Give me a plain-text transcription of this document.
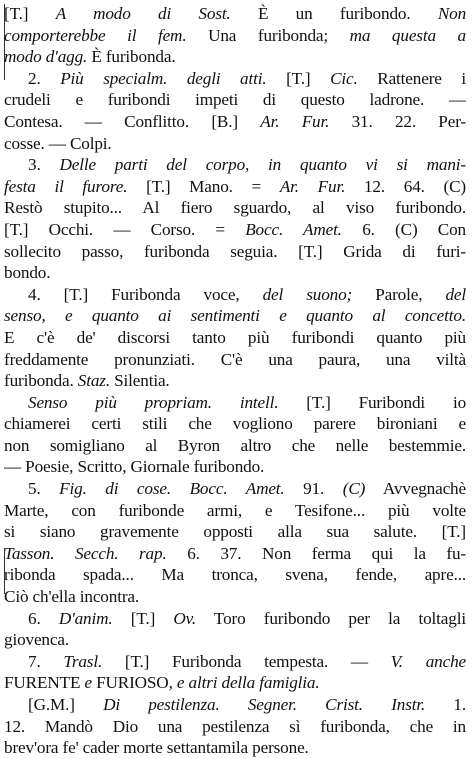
[T.] A modo di Sost. È un furibondo. Non
comporterebbe il fem. Una furibonda; ma questa a
modo d'agg. È furibonda.
2. Più specialm. degli atti. [T.] Cic. Rattenere i
crudeli e furibondi impeti di questo ladrone. —
Contesa. — Conflitto. [B.] Ar. Fur. 31. 22. Per-
cosse. — Colpi.
3. Delle parti del corpo, in quanto vi si mani-
festa il furore. [T.] Mano. = Ar. Fur. 12. 64. (C)
Restò stupito... Al fiero sguardo, al viso furibondo.
[T.] Occhi. — Corso. = Bocc. Amet. 6. (C) Con
sollecito passo, furibonda seguia. [T.] Grida di furi-
bondo.
4. [T.] Furibonda voce, del suono; Parole, del
senso, e quanto ai sentimenti e quanto al concetto.
E c'è de' discorsi tanto più furibondi quanto più
freddamente pronunziati. C'è una paura, una viltà
furibonda. Staz. Silentia.
Senso più propriam. intell. [T.] Furibondi io
chiamerei certi stili che vogliono parere bironiani e
non somigliano al Byron altro che nelle bestemmie.
— Poesie, Scritto, Giornale furibondo.
5. Fig. di cose. Bocc. Amet. 91. (C) Avvegnachè
Marte, con furibonde armi, e Tesifone... più volte
si siano gravemente opposti alla sua salute. [T.]
Tasson. Secch. rap. 6. 37. Non ferma qui la fu-
ribonda spada... Ma tronca, svena, fende, apre...
Ciò ch'ella incontra.
6. D'anim. [T.] Ov. Toro furibondo per la toltagli
giovenca.
7. Trasl. [T.] Furibonda tempesta. — V. anche
FURENTE e FURIOSO, e altri della famiglia.
[G.M.] Di pestilenza. Segner. Crist. Instr. 1.
12. Mandò Dio una pestilenza sì furibonda, che in
brev'ora fe' cader morte settantamila persone.
